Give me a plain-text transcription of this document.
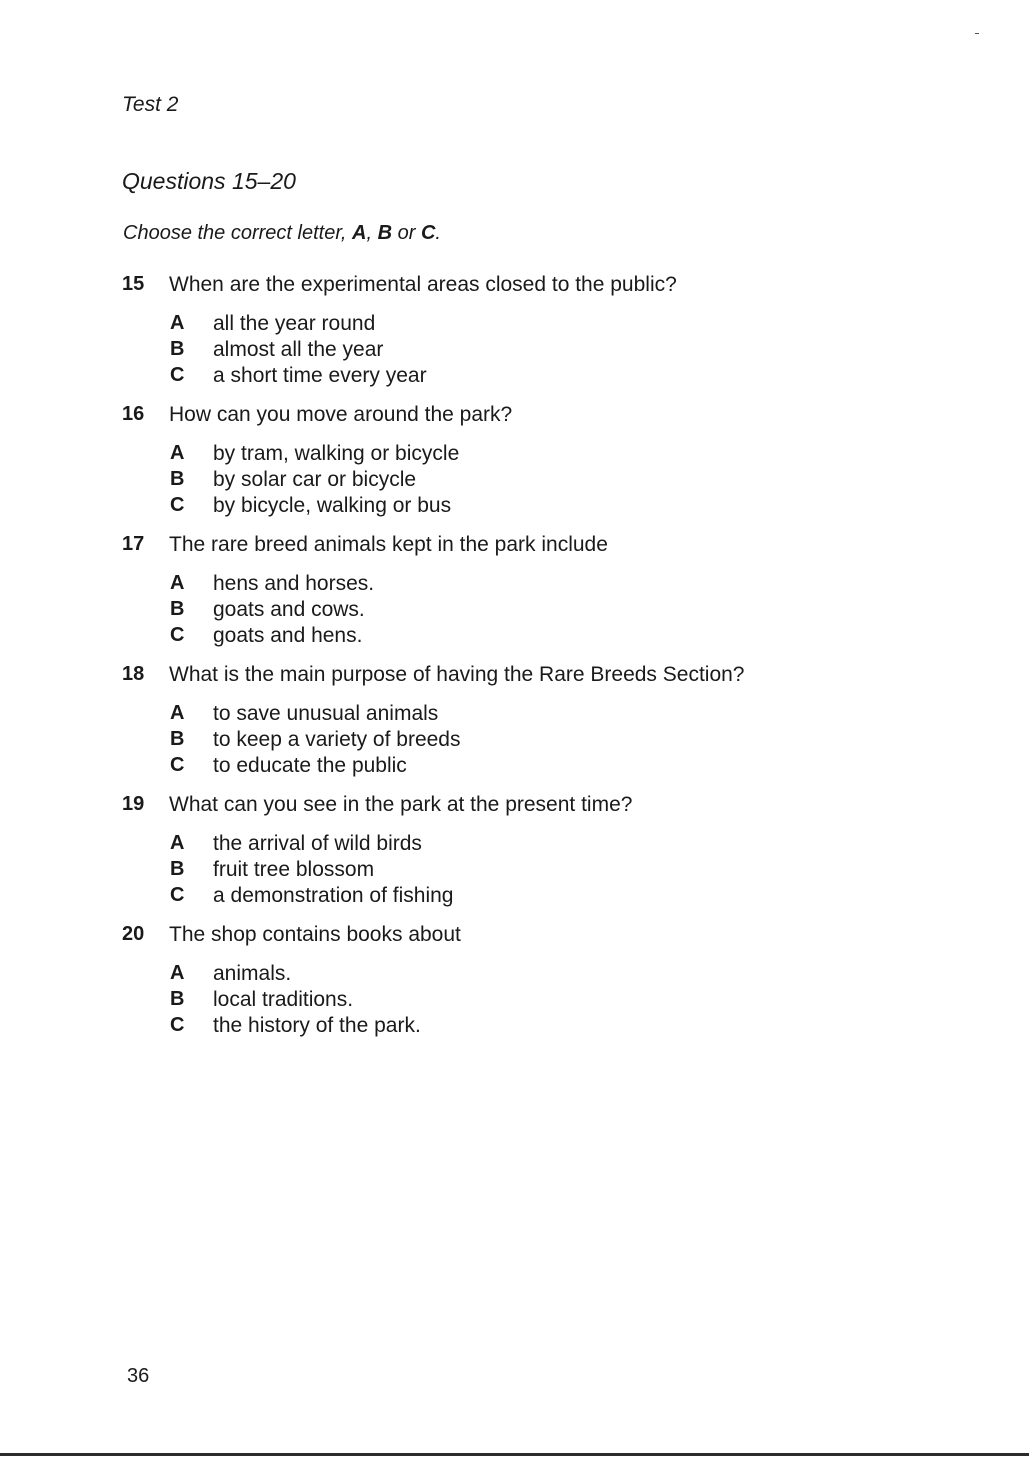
Test 2
Questions 15–20
Choose the correct letter, A, B or C.
15 When are the experimental areas closed to the public?
A all the year round
B almost all the year
C a short time every year
16 How can you move around the park?
A by tram, walking or bicycle
B by solar car or bicycle
C by bicycle, walking or bus
17 The rare breed animals kept in the park include
A hens and horses.
B goats and cows.
C goats and hens.
18 What is the main purpose of having the Rare Breeds Section?
A to save unusual animals
B to keep a variety of breeds
C to educate the public
19 What can you see in the park at the present time?
A the arrival of wild birds
B fruit tree blossom
C a demonstration of fishing
20 The shop contains books about
A animals.
B local traditions.
C the history of the park.
36
